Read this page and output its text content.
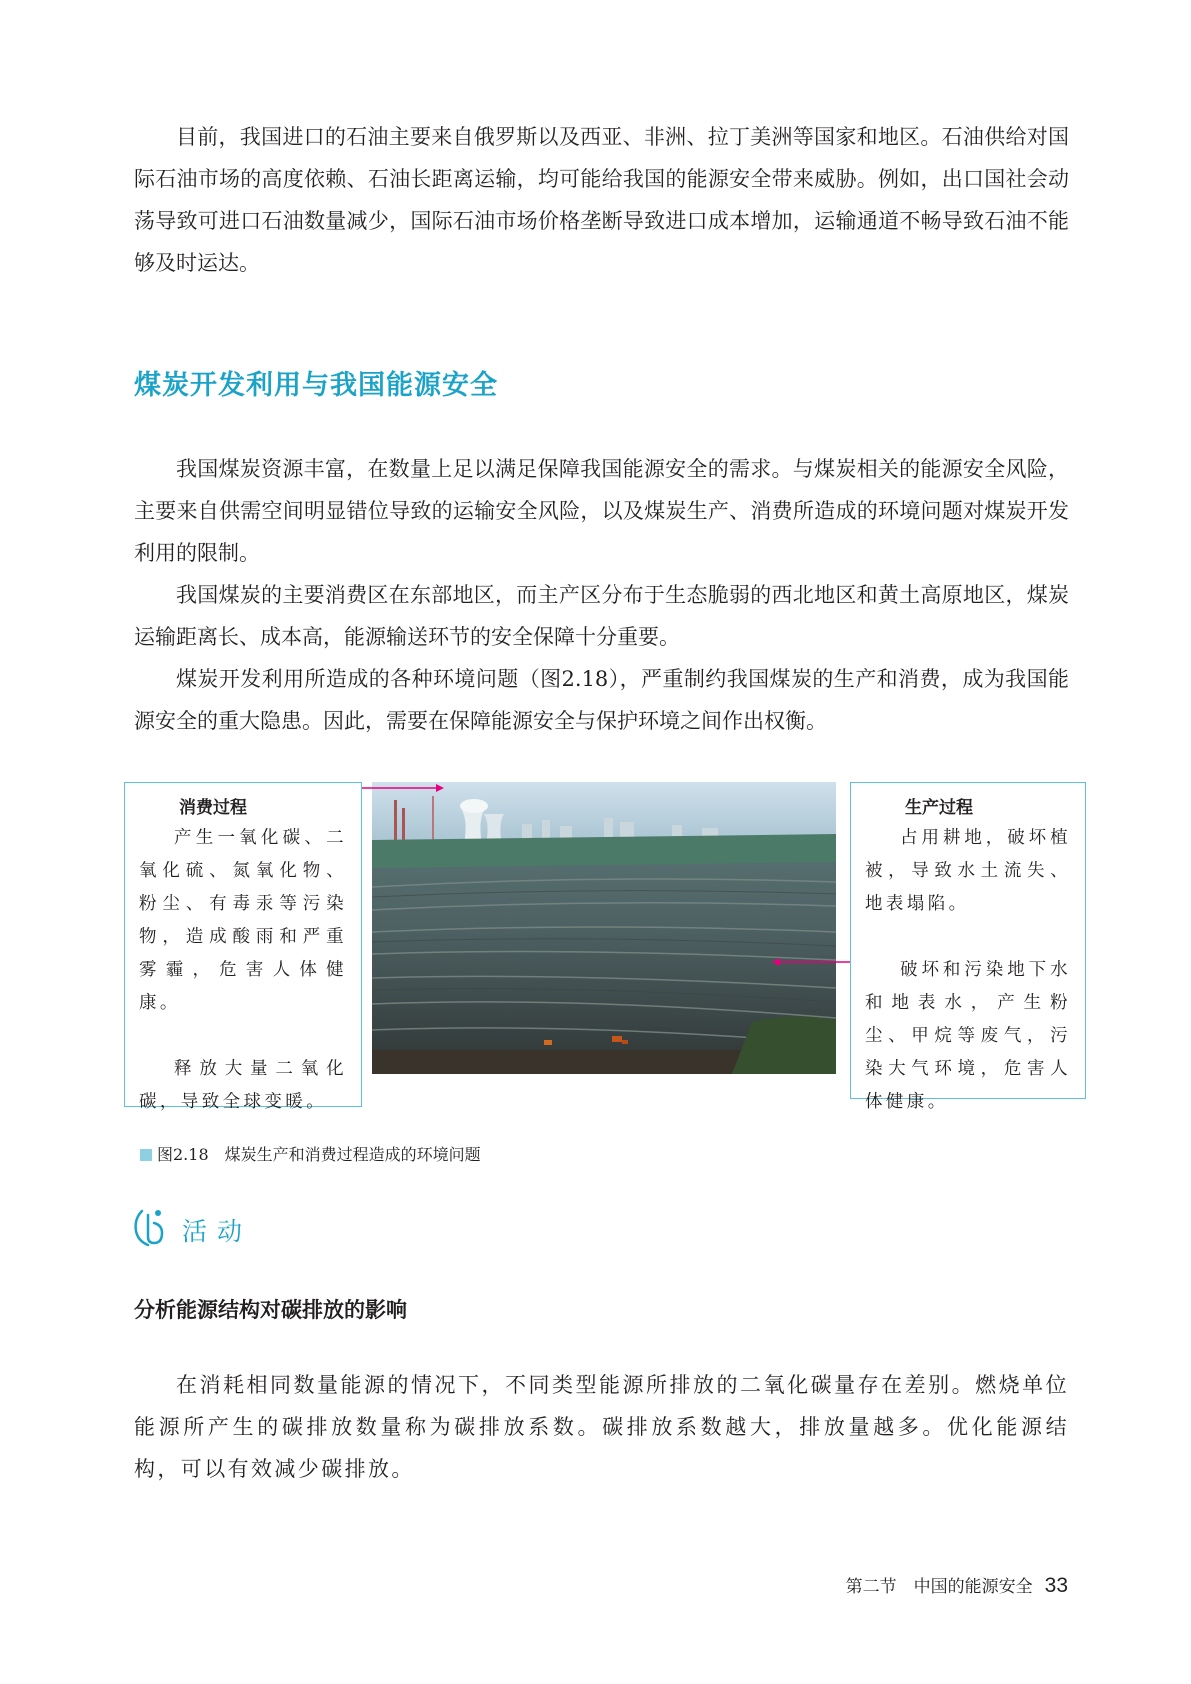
目前，我国进口的石油主要来自俄罗斯以及西亚、非洲、拉丁美洲等国家和地区。石油供给对国际石油市场的高度依赖、石油长距离运输，均可能给我国的能源安全带来威胁。例如，出口国社会动荡导致可进口石油数量减少，国际石油市场价格垄断导致进口成本增加，运输通道不畅导致石油不能够及时运达。

煤炭开发利用与我国能源安全

我国煤炭资源丰富，在数量上足以满足保障我国能源安全的需求。与煤炭相关的能源安全风险，主要来自供需空间明显错位导致的运输安全风险，以及煤炭生产、消费所造成的环境问题对煤炭开发利用的限制。

我国煤炭的主要消费区在东部地区，而主产区分布于生态脆弱的西北地区和黄土高原地区，煤炭运输距离长、成本高，能源输送环节的安全保障十分重要。

煤炭开发利用所造成的各种环境问题（图2.18），严重制约我国煤炭的生产和消费，成为我国能源安全的重大隐患。因此，需要在保障能源安全与保护环境之间作出权衡。

消费过程

产生一氧化碳、二氧化硫、氮氧化物、粉尘、有毒汞等污染物，造成酸雨和严重雾霾，危害人体健康。

释放大量二氧化碳，导致全球变暖。

生产过程

占用耕地，破坏植被，导致水土流失、地表塌陷。

破坏和污染地下水和地表水，产生粉尘、甲烷等废气，污染大气环境，危害人体健康。

图2.18　煤炭生产和消费过程造成的环境问题
活动
分析能源结构对碳排放的影响

在消耗相同数量能源的情况下，不同类型能源所排放的二氧化碳量存在差别。燃烧单位能源所产生的碳排放数量称为碳排放系数。碳排放系数越大，排放量越多。优化能源结构，可以有效减少碳排放。

第二节　中国的能源安全 33
